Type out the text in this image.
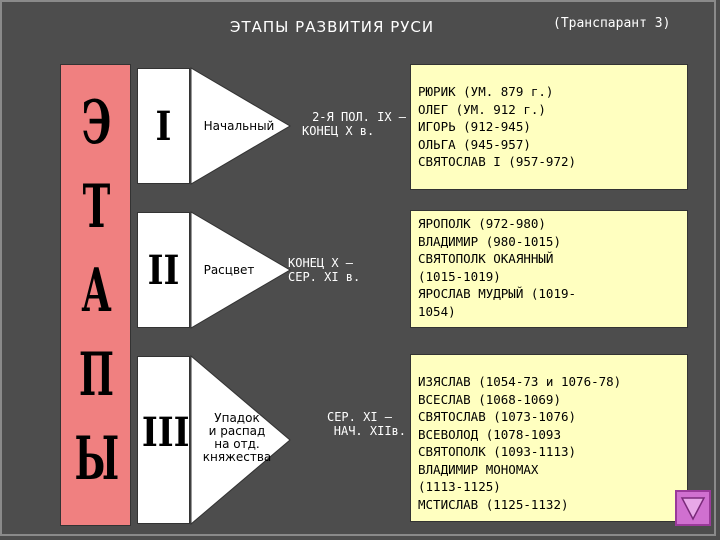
ЭТАПЫ РАЗВИТИЯ РУСИ	(Транспарант 3)
Э
Т
А
П
Ы
I
II
III
Начальный
Расцвет
Упадок
и распад
на отд.
княжества
2-Я ПОЛ. IX –
КОНЕЦ X в.
КОНЕЦ X –
СЕР. XI в.
СЕР. XI –
НАЧ. XIIв.
РЮРИК (УМ. 879 г.)
ОЛЕГ (УМ. 912 г.)
ИГОРЬ (912-945)
ОЛЬГА (945-957)
СВЯТОСЛАВ I (957-972)
ЯРОПОЛК (972-980)
ВЛАДИМИР (980-1015)
СВЯТОПОЛК ОКАЯННЫЙ
(1015-1019)
ЯРОСЛАВ МУДРЫЙ (1019-
1054)
ИЗЯСЛАВ (1054-73 и 1076-78)
ВСЕСЛАВ (1068-1069)
СВЯТОСЛАВ (1073-1076)
ВСЕВОЛОД (1078-1093
СВЯТОПОЛК (1093-1113)
ВЛАДИМИР МОНОМАХ
(1113-1125)
МСТИСЛАВ (1125-1132)
